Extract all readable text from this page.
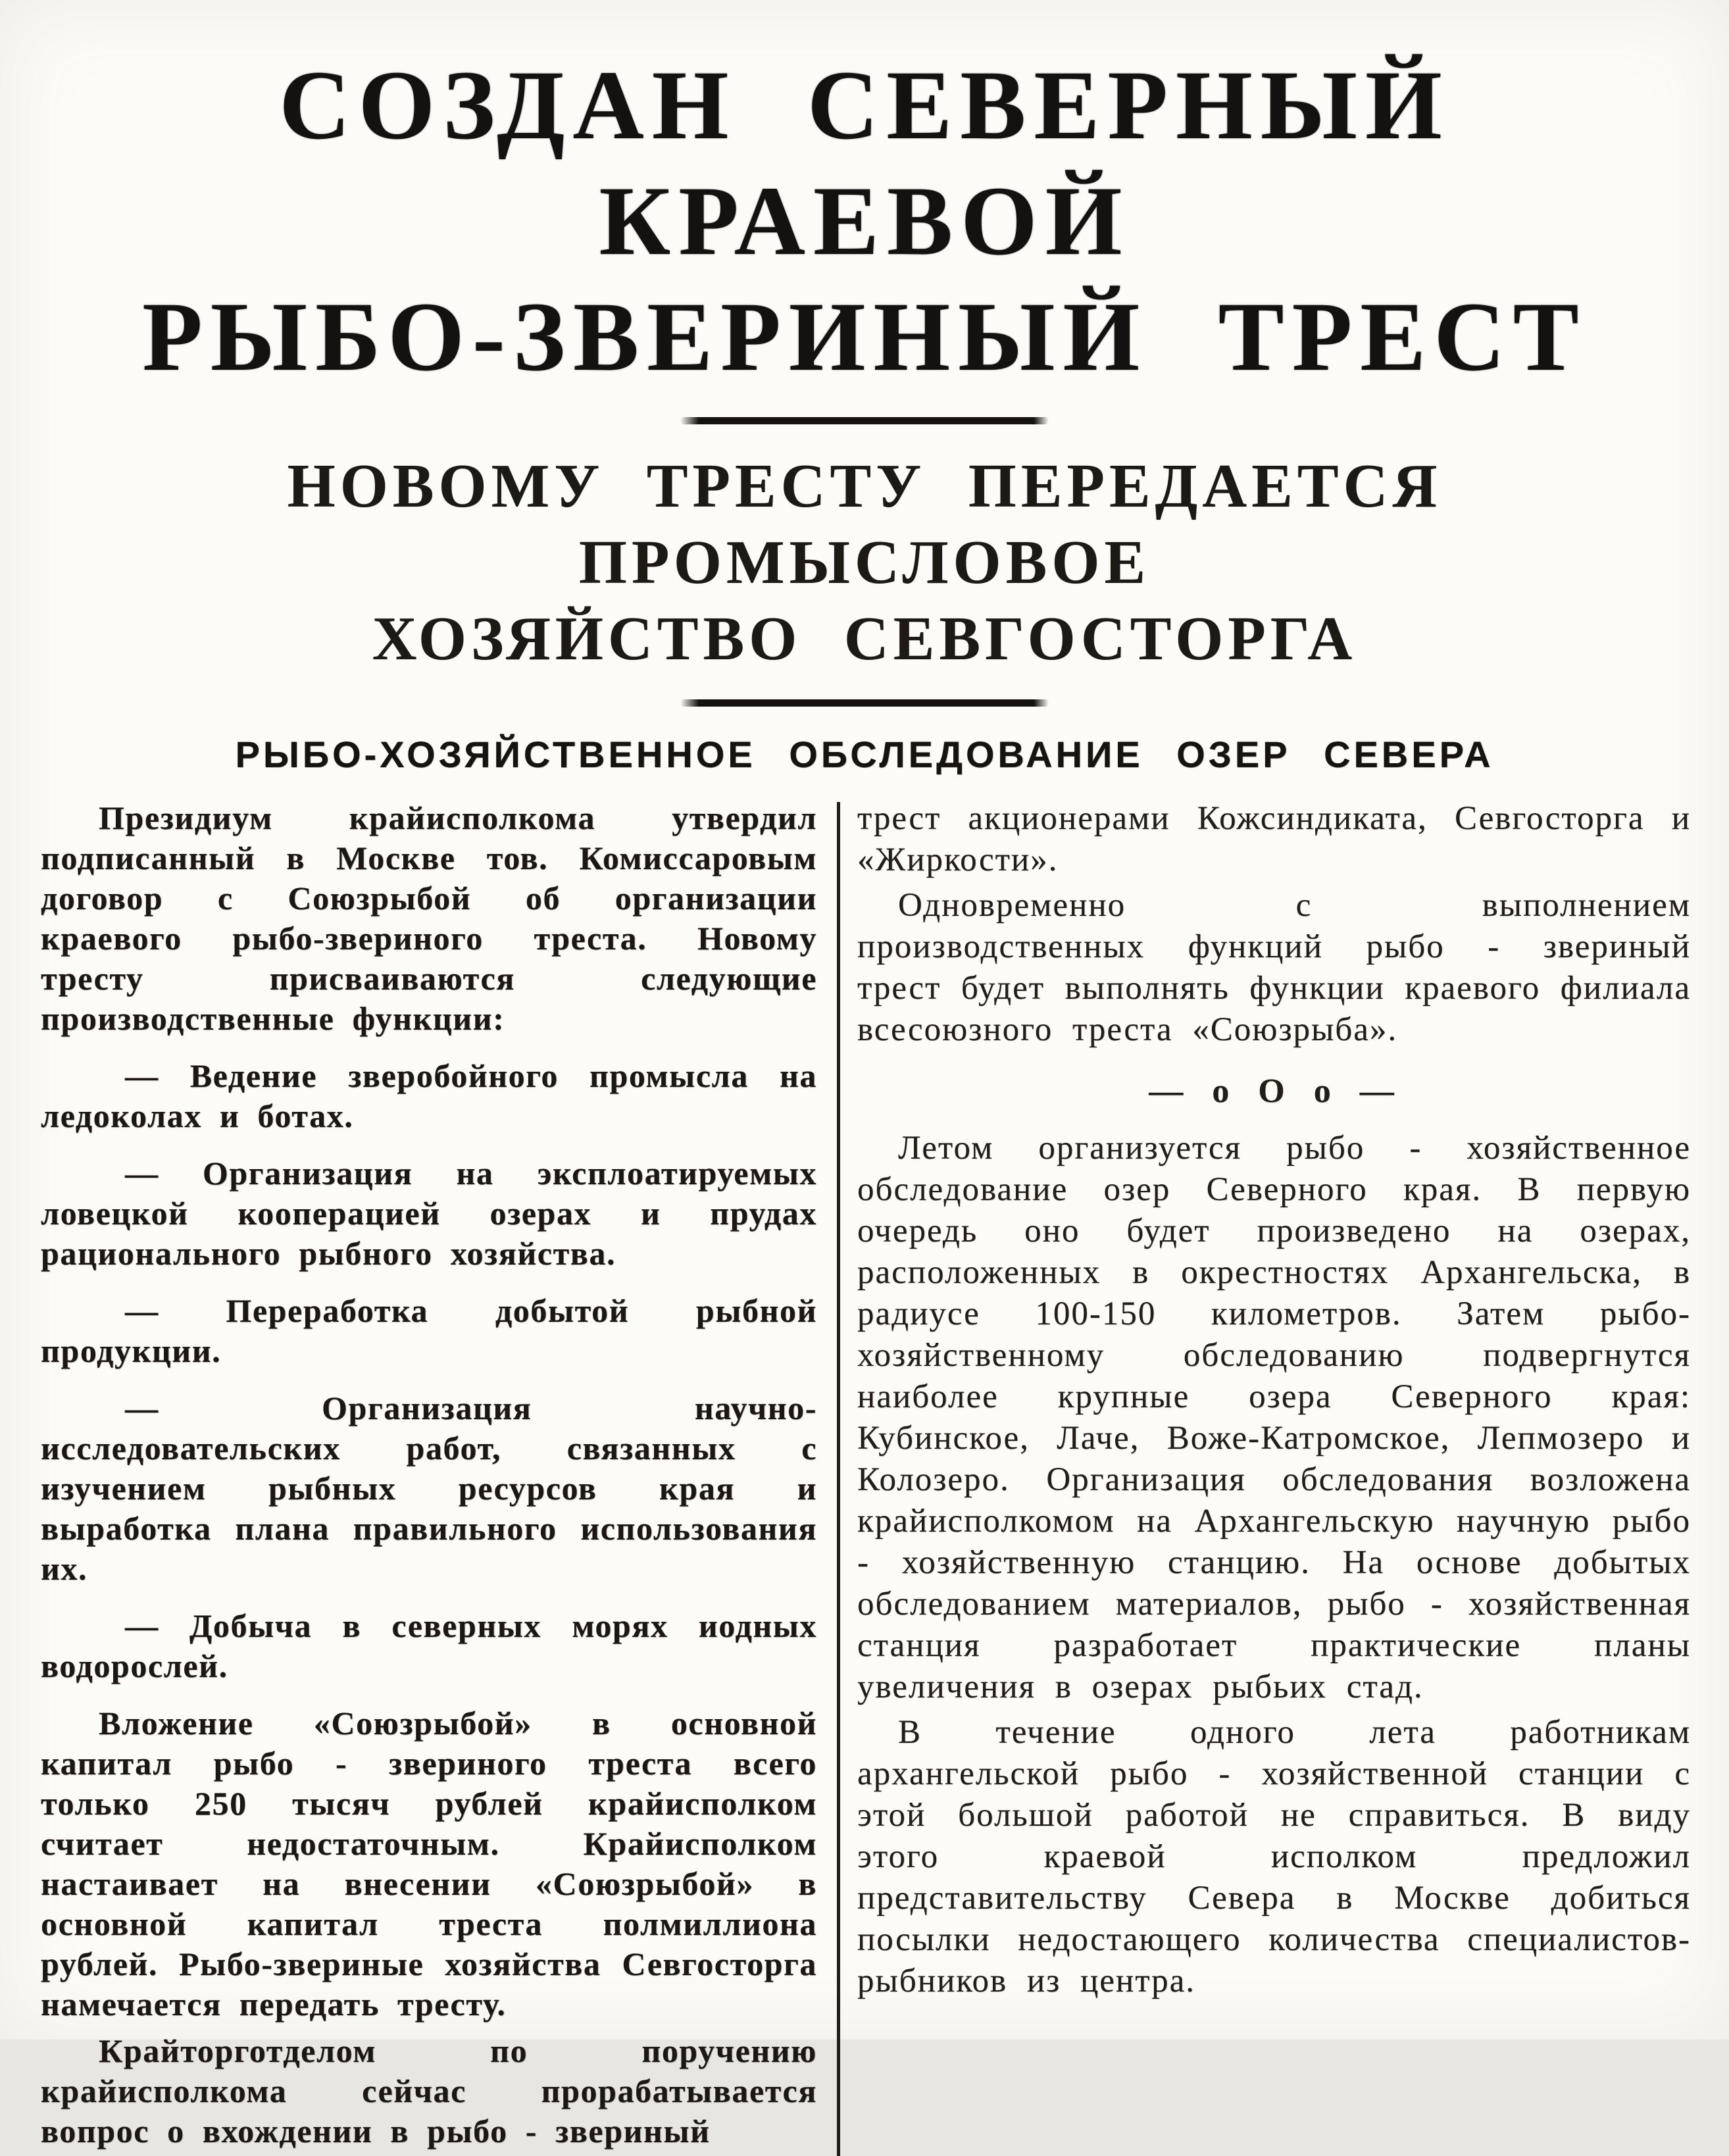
СОЗДАН СЕВЕРНЫЙ КРАЕВОЙ
РЫБО-ЗВЕРИНЫЙ ТРЕСТ
НОВОМУ ТРЕСТУ ПЕРЕДАЕТСЯ ПРОМЫСЛОВОЕ
ХОЗЯЙСТВО СЕВГОСТОРГА
РЫБО-ХОЗЯЙСТВЕННОЕ ОБСЛЕДОВАНИЕ ОЗЕР СЕВЕРА

Президиум крайисполкома утвердил подписанный в Москве тов. Комиссаровым договор с Союзрыбой об организации краевого рыбо-звериного треста. Новому тресту присваиваются следующие производственные функции:

— Ведение зверобойного промысла на ледоколах и ботах.

— Организация на эксплоатируемых ловецкой кооперацией озерах и прудах рационального рыбного хозяйства.

— Переработка добытой рыбной продукции.

— Организация научно-исследовательских работ, связанных с изучением рыбных ресурсов края и выработка плана правильного использования их.

— Добыча в северных морях иодных водорослей.

Вложение «Союзрыбой» в основной капитал рыбо - звериного треста всего только 250 тысяч рублей крайисполком считает недостаточным. Крайисполком настаивает на внесении «Союзрыбой» в основной капитал треста полмиллиона рублей. Рыбо-звериные хозяйства Севгосторга намечается передать тресту.

Крайторготделом по поручению крайисполкома сейчас прорабатывается вопрос о вхождении в рыбо - звериный

трест акционерами Кожсиндиката, Севгосторга и «Жиркости».

Одновременно с выполнением производственных функций рыбо - звериный трест будет выполнять функции краевого филиала всесоюзного треста «Союзрыба».

— о О о —

Летом организуется рыбо - хозяйственное обследование озер Северного края. В первую очередь оно будет произведено на озерах, расположенных в окрестностях Архангельска, в радиусе 100-150 километров. Затем рыбо-хозяйственному обследованию подвергнутся наиболее крупные озера Северного края: Кубинское, Лаче, Воже-Катромское, Лепмозеро и Колозеро. Организация обследования возложена крайисполкомом на Архангельскую научную рыбо - хозяйственную станцию. На основе добытых обследованием материалов, рыбо - хозяйственная станция разработает практические планы увеличения в озерах рыбьих стад.

В течение одного лета работникам архангельской рыбо - хозяйственной станции с этой большой работой не справиться. В виду этого краевой исполком предложил представительству Севера в Москве добиться посылки недостающего количества специалистов-рыбников из центра.
